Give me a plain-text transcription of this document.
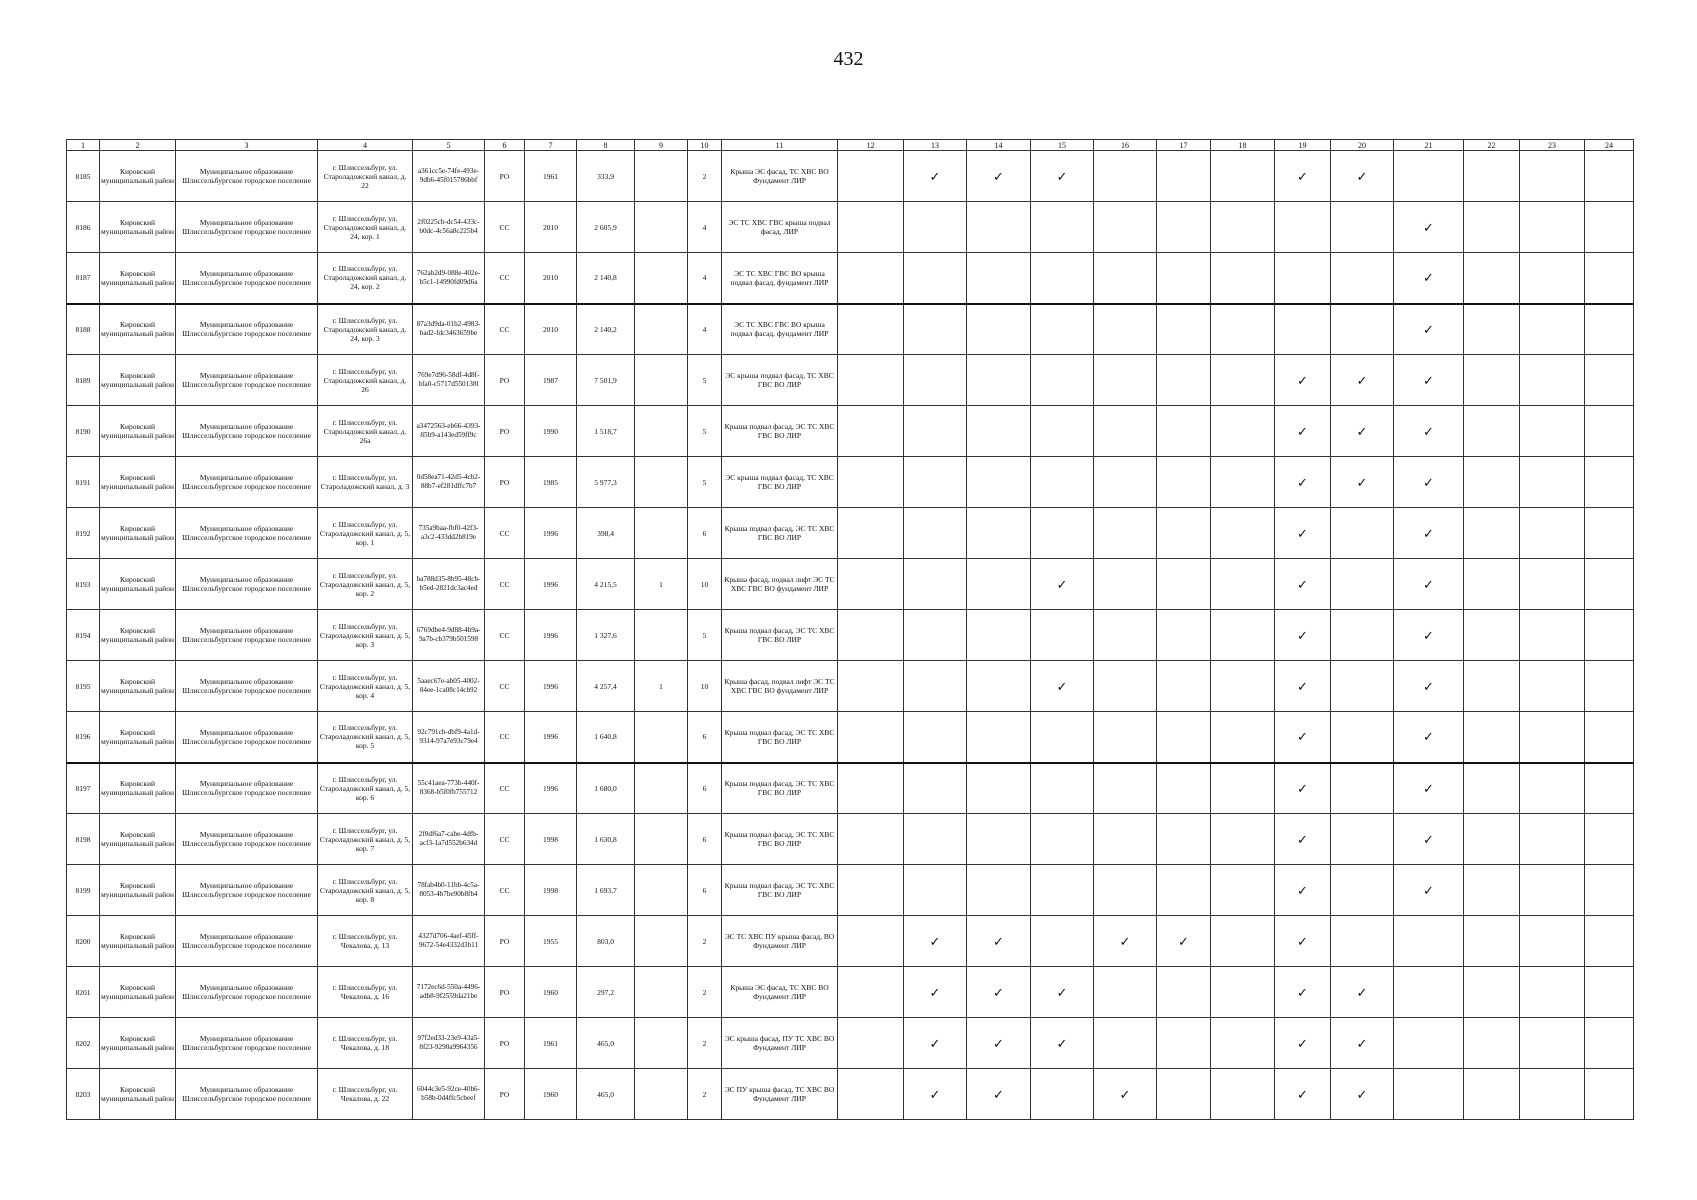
432
1	2	3	4	5	6	7	8	9	10	11	12	13	14	15	16	17	18	19	20	21	22	23	24
8185	Кировский муниципальный район	Муниципальное образование Шлиссельбургское городское поселение	г. Шлиссельбург, ул. Староладожский канал, д. 22	a361cc5e-74fe-493e-9db6-45f015786bbf	РО	1961	333,9		2	Крыша ЭС фасад, ТС ХВС ВО Фундамент ЛИР		✓	✓	✓				✓	✓				
8186	Кировский муниципальный район	Муниципальное образование Шлиссельбургское городское поселение	г. Шлиссельбург, ул. Староладожский канал, д. 24, кор. 1	2f0225cb-dc54-433c-b0dc-4c56a8c225b4	СС	2010	2 605,9		4	ЭС ТС ХВС ГВС крыша подвал фасад, ЛИР										✓			
8187	Кировский муниципальный район	Муниципальное образование Шлиссельбургское городское поселение	г. Шлиссельбург, ул. Староладожский канал, д. 24, кор. 2	762ab2d9-088e-402e-b5c1-14990fd09d6a	СС	2010	2 140,8		4	ЭС ТС ХВС ГВС ВО крыша подвал фасад, фундамент ЛИР										✓			
8188	Кировский муниципальный район	Муниципальное образование Шлиссельбургское городское поселение	г. Шлиссельбург, ул. Староладожский канал, д. 24, кор. 3	87a3d9da-01b2-4983-bad2-fdc3463659be	СС	2010	2 140,2		4	ЭС ТС ХВС ГВС ВО крыша подвал фасад, фундамент ЛИР										✓			
8189	Кировский муниципальный район	Муниципальное образование Шлиссельбургское городское поселение	г. Шлиссельбург, ул. Староладожский канал, д. 26	769e7d96-58df-4d8f-bfa0-c5717d550138l	РО	1987	7 501,9		5	ЭС крыша подвал фасад, ТС ХВС ГВС ВО ЛИР								✓	✓	✓			
8190	Кировский муниципальный район	Муниципальное образование Шлиссельбургское городское поселение	г. Шлиссельбург, ул. Староладожский канал, д. 26а	a3472563-eb66-4393-85b9-a143ed59ff9c	РО	1990	1 518,7		5	Крыша подвал фасад, ЭС ТС ХВС ГВС ВО ЛИР								✓	✓	✓			
8191	Кировский муниципальный район	Муниципальное образование Шлиссельбургское городское поселение	г. Шлиссельбург, ул. Староладожский канал, д. 3	0d58ea71-42d5-4cb2-88b7-ef281dffc7b7	РО	1985	5 977,3		5	ЭС крыша подвал фасад, ТС ХВС ГВС ВО ЛИР								✓	✓	✓			
8192	Кировский муниципальный район	Муниципальное образование Шлиссельбургское городское поселение	г. Шлиссельбург, ул. Староладожский канал, д. 5, кор. 1	735a9baa-fbf0-42f3-a3c2-433dd2b819e	СС	1996	398,4		6	Крыша подвал фасад, ЭС ТС ХВС ГВС ВО ЛИР								✓		✓			
8193	Кировский муниципальный район	Муниципальное образование Шлиссельбургское городское поселение	г. Шлиссельбург, ул. Староладожский канал, д. 5, кор. 2	ba788d35-8b95-48cb-b5ed-2821dc3ac4ed	СС	1996	4 215,5	1	10	Крыша фасад, подвал лифт ЭС ТС ХВС ГВС ВО фундамент ЛИР				✓				✓		✓			
8194	Кировский муниципальный район	Муниципальное образование Шлиссельбургское городское поселение	г. Шлиссельбург, ул. Староладожский канал, д. 5, кор. 3	6769dbe4-9d88-4b9a-9a7b-cb379b501598	СС	1996	1 327,6		5	Крыша подвал фасад, ЭС ТС ХВС ГВС ВО ЛИР								✓		✓			
8195	Кировский муниципальный район	Муниципальное образование Шлиссельбургское городское поселение	г. Шлиссельбург, ул. Староладожский канал, д. 5, кор. 4	5aaec67e-ab05-4002-84ee-1ca08c14cb92	СС	1996	4 257,4	1	10	Крыша фасад, подвал лифт ЭС ТС ХВС ГВС ВО фундамент ЛИР				✓				✓		✓			
8196	Кировский муниципальный район	Муниципальное образование Шлиссельбургское городское поселение	г. Шлиссельбург, ул. Староладожский канал, д. 5, кор. 5	92c791cb-dbf9-4a1d-9314-97a7e93c79e4	СС	1996	1 640,8		6	Крыша подвал фасад, ЭС ТС ХВС ГВС ВО ЛИР								✓		✓			
8197	Кировский муниципальный район	Муниципальное образование Шлиссельбургское городское поселение	г. Шлиссельбург, ул. Староладожский канал, д. 5, кор. 6	55c41aea-773b-440f-8368-b5f0fb755712	СС	1996	1 680,0		6	Крыша подвал фасад, ЭС ТС ХВС ГВС ВО ЛИР								✓		✓			
8198	Кировский муниципальный район	Муниципальное образование Шлиссельбургское городское поселение	г. Шлиссельбург, ул. Староладожский канал, д. 5, кор. 7	2f0df6a7-cabe-4dfb-acf3-1a7d552b634d	СС	1998	1 630,8		6	Крыша подвал фасад, ЭС ТС ХВС ГВС ВО ЛИР								✓		✓			
8199	Кировский муниципальный район	Муниципальное образование Шлиссельбургское городское поселение	г. Шлиссельбург, ул. Староладожский канал, д. 5, кор. 8	78fab4b0-11bb-4c5a-8053-4b7be90b8fb4	СС	1998	1 693,7		6	Крыша подвал фасад, ЭС ТС ХВС ГВС ВО ЛИР								✓		✓			
8200	Кировский муниципальный район	Муниципальное образование Шлиссельбургское городское поселение	г. Шлиссельбург, ул. Чекалова, д. 13	4327d706-4aef-45ff-9672-54e4332d3b11	РО	1955	803,0		2	ЭС ТС ХВС ПУ крыша фасад, ВО Фундамент ЛИР		✓	✓		✓	✓		✓					
8201	Кировский муниципальный район	Муниципальное образование Шлиссельбургское городское поселение	г. Шлиссельбург, ул. Чекалова, д. 16	7172ec6d-550a-4496-adb8-9f2559da21be	РО	1960	297,2		2	Крыша ЭС фасад, ТС ХВС ВО Фундамент ЛИР		✓	✓	✓				✓	✓				
8202	Кировский муниципальный район	Муниципальное образование Шлиссельбургское городское поселение	г. Шлиссельбург, ул. Чекалова, д. 18	97f2ed33-23e9-43a5-8f23-9290a9964356	РО	1961	465,0		2	ЭС крыша фасад, ПУ ТС ХВС ВО Фундамент ЛИР		✓	✓	✓				✓	✓				
8203	Кировский муниципальный район	Муниципальное образование Шлиссельбургское городское поселение	г. Шлиссельбург, ул. Чекалова, д. 22	6044c3e5-92ce-40b6-b58b-0d4ffc5cbeef	РО	1960	465,0		2	ЭС ПУ крыша фасад, ТС ХВС ВО Фундамент ЛИР		✓	✓		✓			✓	✓				
